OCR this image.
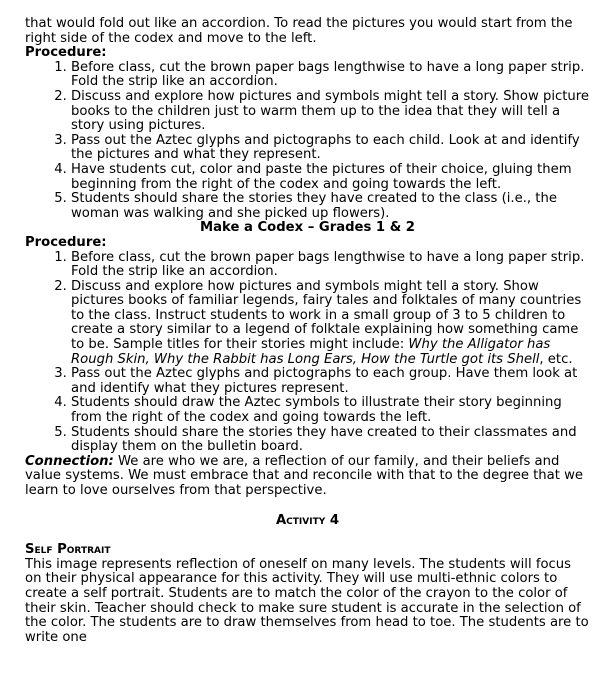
that would fold out like an accordion. To read the pictures you would start from the right side of the codex and move to the left.

Procedure:

1. Before class, cut the brown paper bags lengthwise to have a long paper strip. Fold the strip like an accordion.
2. Discuss and explore how pictures and symbols might tell a story. Show picture books to the children just to warm them up to the idea that they will tell a story using pictures.
3. Pass out the Aztec glyphs and pictographs to each child. Look at and identify the pictures and what they represent.
4. Have students cut, color and paste the pictures of their choice, gluing them beginning from the right of the codex and going towards the left.
5. Students should share the stories they have created to the class (i.e., the woman was walking and she picked up flowers).

Make a Codex – Grades 1 & 2

Procedure:

1. Before class, cut the brown paper bags lengthwise to have a long paper strip. Fold the strip like an accordion.
2. Discuss and explore how pictures and symbols might tell a story. Show pictures books of familiar legends, fairy tales and folktales of many countries to the class. Instruct students to work in a small group of 3 to 5 children to create a story similar to a legend of folktale explaining how something came to be. Sample titles for their stories might include: Why the Alligator has Rough Skin, Why the Rabbit has Long Ears, How the Turtle got its Shell, etc.
3. Pass out the Aztec glyphs and pictographs to each group. Have them look at and identify what they pictures represent.
4. Students should draw the Aztec symbols to illustrate their story beginning from the right of the codex and going towards the left.
5. Students should share the stories they have created to their classmates and display them on the bulletin board.

Connection: We are who we are, a reflection of our family, and their beliefs and value systems. We must embrace that and reconcile with that to the degree that we learn to love ourselves from that perspective.

Activity 4

Self Portrait

This image represents reflection of oneself on many levels. The students will focus on their physical appearance for this activity. They will use multi-ethnic colors to create a self portrait. Students are to match the color of the crayon to the color of their skin. Teacher should check to make sure student is accurate in the selection of the color. The students are to draw themselves from head to toe. The students are to write one
